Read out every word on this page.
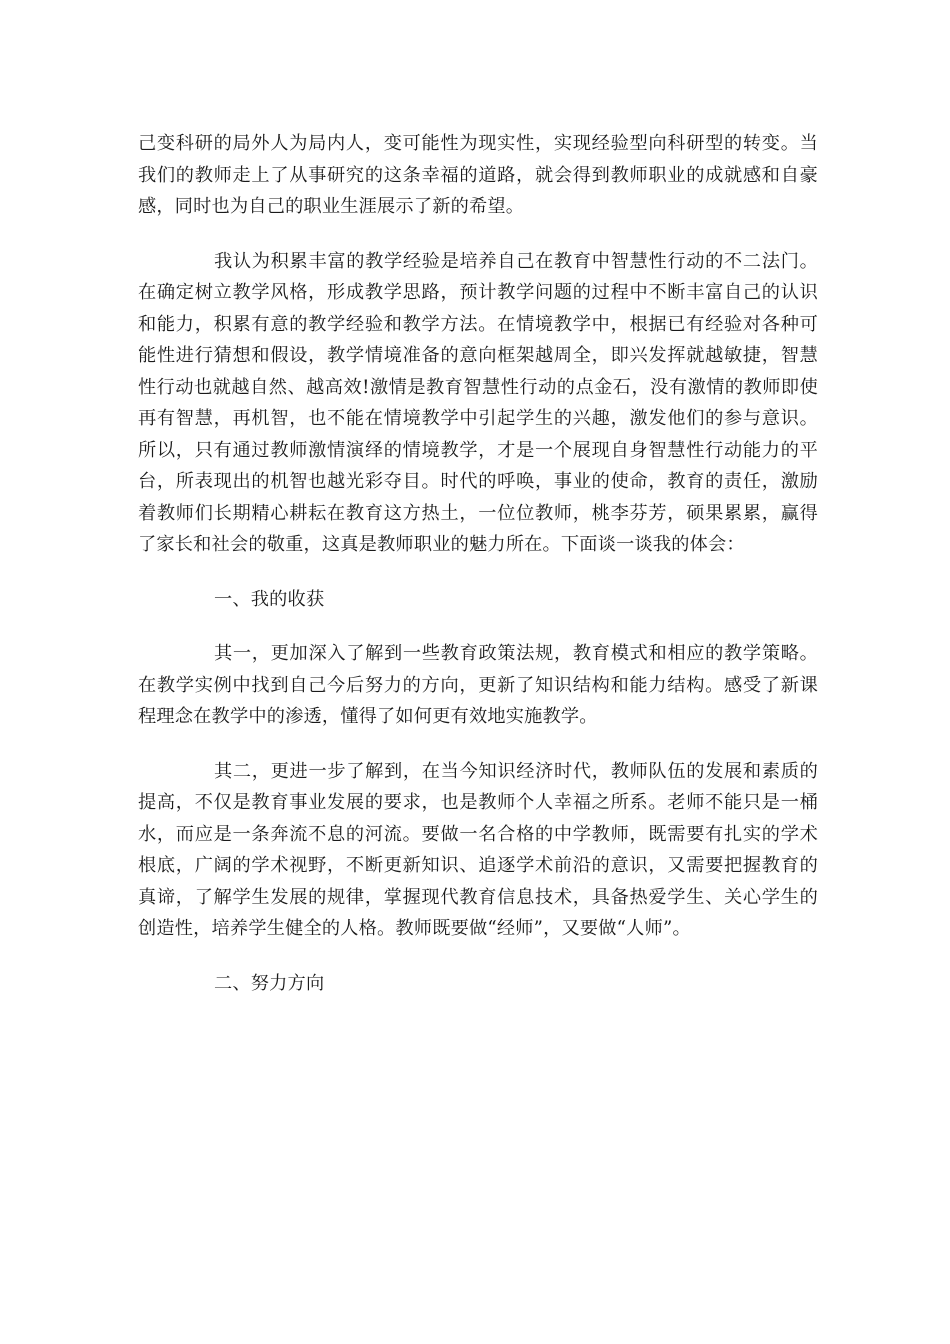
己变科研的局外人为局内人，变可能性为现实性，实现经验型向科研型的转变。当我们的教师走上了从事研究的这条幸福的道路，就会得到教师职业的成就感和自豪感，同时也为自己的职业生涯展示了新的希望。

我认为积累丰富的教学经验是培养自己在教育中智慧性行动的不二法门。在确定树立教学风格，形成教学思路，预计教学问题的过程中不断丰富自己的认识和能力，积累有意的教学经验和教学方法。在情境教学中，根据已有经验对各种可能性进行猜想和假设，教学情境准备的意向框架越周全，即兴发挥就越敏捷，智慧性行动也就越自然、越高效!激情是教育智慧性行动的点金石，没有激情的教师即使再有智慧，再机智，也不能在情境教学中引起学生的兴趣，激发他们的参与意识。所以，只有通过教师激情演绎的情境教学，才是一个展现自身智慧性行动能力的平台，所表现出的机智也越光彩夺目。时代的呼唤，事业的使命，教育的责任，激励着教师们长期精心耕耘在教育这方热土，一位位教师，桃李芬芳，硕果累累，赢得了家长和社会的敬重，这真是教师职业的魅力所在。下面谈一谈我的体会：

一、我的收获

其一，更加深入了解到一些教育政策法规，教育模式和相应的教学策略。在教学实例中找到自己今后努力的方向，更新了知识结构和能力结构。感受了新课程理念在教学中的渗透，懂得了如何更有效地实施教学。

其二，更进一步了解到，在当今知识经济时代，教师队伍的发展和素质的提高，不仅是教育事业发展的要求，也是教师个人幸福之所系。老师不能只是一桶水，而应是一条奔流不息的河流。要做一名合格的中学教师，既需要有扎实的学术根底，广阔的学术视野，不断更新知识、追逐学术前沿的意识，又需要把握教育的真谛，了解学生发展的规律，掌握现代教育信息技术，具备热爱学生、关心学生的创造性，培养学生健全的人格。教师既要做“经师”，又要做“人师”。

二、努力方向
